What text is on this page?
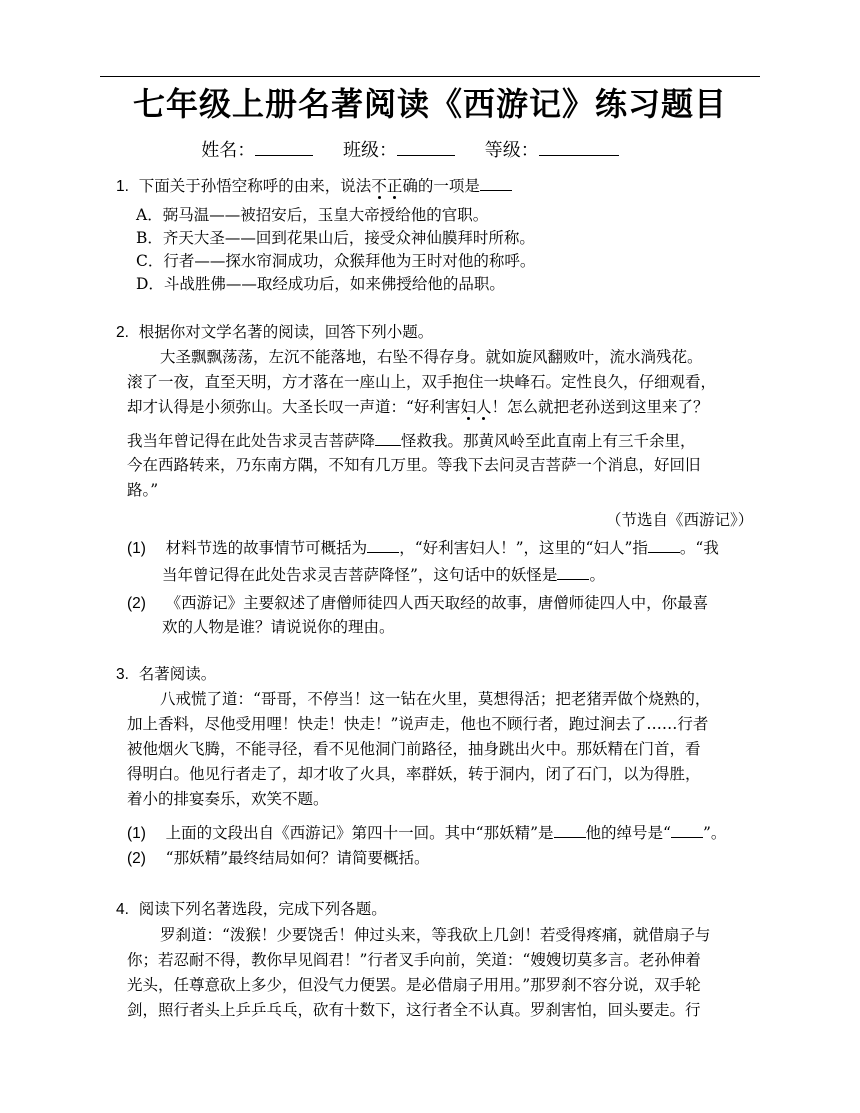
七年级上册名著阅读《西游记》练习题目
姓名：	班级：	等级：
1. 下面关于孙悟空称呼的由来，说法不正确的一项是
A．弼马温——被招安后，玉皇大帝授给他的官职。
B．齐天大圣——回到花果山后，接受众神仙膜拜时所称。
C．行者——探水帘洞成功，众猴拜他为王时对他的称呼。
D．斗战胜佛——取经成功后，如来佛授给他的品职。
2. 根据你对文学名著的阅读，回答下列小题。
大圣飘飘荡荡，左沉不能落地，右坠不得存身。就如旋风翻败叶，流水淌残花。
滚了一夜，直至天明，方才落在一座山上，双手抱住一块峰石。定性良久，仔细观看，
却才认得是小须弥山。大圣长叹一声道：“好利害妇人！怎么就把老孙送到这里来了？
我当年曾记得在此处告求灵吉菩萨降 怪救我。那黄风岭至此直南上有三千余里，
今在西路转来，乃东南方隅，不知有几万里。等我下去问灵吉菩萨一个消息，好回旧
路。”
（节选自《西游记》）
(1) 材料节选的故事情节可概括为 ，“好利害妇人！”，这里的“妇人”指 。“我
当年曾记得在此处告求灵吉菩萨降怪”，这句话中的妖怪是 。
(2) 《西游记》主要叙述了唐僧师徒四人西天取经的故事，唐僧师徒四人中，你最喜
欢的人物是谁？请说说你的理由。
3. 名著阅读。
八戒慌了道：“哥哥，不停当！这一钻在火里，莫想得活；把老猪弄做个烧熟的，
加上香料，尽他受用哩！快走！快走！”说声走，他也不顾行者，跑过涧去了……行者
被他烟火飞腾，不能寻径，看不见他洞门前路径，抽身跳出火中。那妖精在门首，看
得明白。他见行者走了，却才收了火具，率群妖，转于洞内，闭了石门，以为得胜，
着小的排宴奏乐，欢笑不题。
(1) 上面的文段出自《西游记》第四十一回。其中“那妖精”是 他的绰号是“ ”。
(2) “那妖精”最终结局如何？请简要概括。
4. 阅读下列名著选段，完成下列各题。
罗刹道：“泼猴！少要饶舌！伸过头来，等我砍上几剑！若受得疼痛，就借扇子与
你；若忍耐不得，教你早见阎君！”行者叉手向前，笑道：“嫂嫂切莫多言。老孙伸着
光头，任尊意砍上多少，但没气力便罢。是必借扇子用用。”那罗刹不容分说，双手轮
剑，照行者头上乒乒乓乓，砍有十数下，这行者全不认真。罗刹害怕，回头要走。行
